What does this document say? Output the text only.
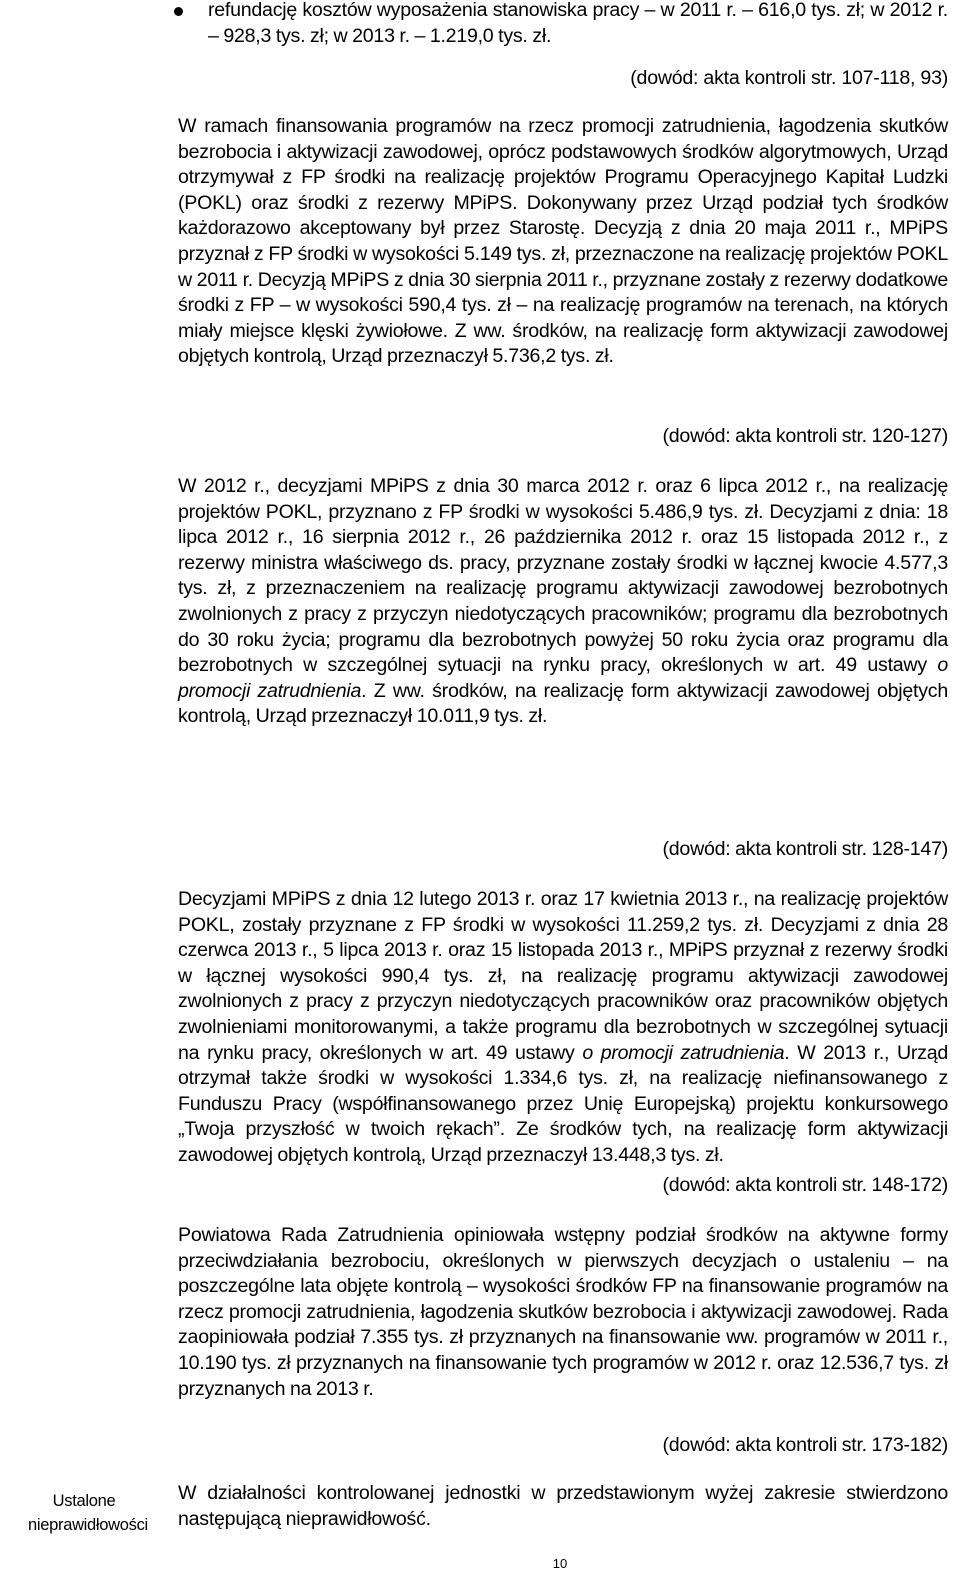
refundację kosztów wyposażenia stanowiska pracy – w 2011 r. – 616,0 tys. zł; w 2012 r. – 928,3 tys. zł; w 2013 r. – 1.219,0 tys. zł.
(dowód: akta kontroli str. 107-118, 93)
W ramach finansowania programów na rzecz promocji zatrudnienia, łagodzenia skutków bezrobocia i aktywizacji zawodowej, oprócz podstawowych środków algorytmowych, Urząd otrzymywał z FP środki na realizację projektów Programu Operacyjnego Kapitał Ludzki (POKL) oraz środki z rezerwy MPiPS. Dokonywany przez Urząd podział tych środków każdorazowo akceptowany był przez Starostę. Decyzją z dnia 20 maja 2011 r., MPiPS przyznał z FP środki w wysokości 5.149 tys. zł, przeznaczone na realizację projektów POKL w 2011 r. Decyzją MPiPS z dnia 30 sierpnia 2011 r., przyznane zostały z rezerwy dodatkowe środki z FP – w wysokości 590,4 tys. zł – na realizację programów na terenach, na których miały miejsce klęski żywiołowe. Z ww. środków, na realizację form aktywizacji zawodowej objętych kontrolą, Urząd przeznaczył 5.736,2 tys. zł.
(dowód: akta kontroli str. 120-127)
W 2012 r., decyzjami MPiPS z dnia 30 marca 2012 r. oraz 6 lipca 2012 r., na realizację projektów POKL, przyznano z FP środki w wysokości 5.486,9 tys. zł. Decyzjami z dnia: 18 lipca 2012 r., 16 sierpnia 2012 r., 26 października 2012 r. oraz 15 listopada 2012 r., z rezerwy ministra właściwego ds. pracy, przyznane zostały środki w łącznej kwocie 4.577,3 tys. zł, z przeznaczeniem na realizację programu aktywizacji zawodowej bezrobotnych zwolnionych z pracy z przyczyn niedotyczących pracowników; programu dla bezrobotnych do 30 roku życia; programu dla bezrobotnych powyżej 50 roku życia oraz programu dla bezrobotnych w szczególnej sytuacji na rynku pracy, określonych w art. 49 ustawy o promocji zatrudnienia. Z ww. środków, na realizację form aktywizacji zawodowej objętych kontrolą, Urząd przeznaczył 10.011,9 tys. zł.
(dowód: akta kontroli str. 128-147)
Decyzjami MPiPS z dnia 12 lutego 2013 r. oraz 17 kwietnia 2013 r., na realizację projektów POKL, zostały przyznane z FP środki w wysokości 11.259,2 tys. zł. Decyzjami z dnia 28 czerwca 2013 r., 5 lipca 2013 r. oraz 15 listopada 2013 r., MPiPS przyznał z rezerwy środki w łącznej wysokości 990,4 tys. zł, na realizację programu aktywizacji zawodowej zwolnionych z pracy z przyczyn niedotyczących pracowników oraz pracowników objętych zwolnieniami monitorowanymi, a także programu dla bezrobotnych w szczególnej sytuacji na rynku pracy, określonych w art. 49 ustawy o promocji zatrudnienia. W 2013 r., Urząd otrzymał także środki w wysokości 1.334,6 tys. zł, na realizację niefinansowanego z Funduszu Pracy (współfinansowanego przez Unię Europejską) projektu konkursowego „Twoja przyszłość w twoich rękach”. Ze środków tych, na realizację form aktywizacji zawodowej objętych kontrolą, Urząd przeznaczył 13.448,3 tys. zł.
(dowód: akta kontroli str. 148-172)
Powiatowa Rada Zatrudnienia opiniowała wstępny podział środków na aktywne formy przeciwdziałania bezrobociu, określonych w pierwszych decyzjach o ustaleniu – na poszczególne lata objęte kontrolą – wysokości środków FP na finansowanie programów na rzecz promocji zatrudnienia, łagodzenia skutków bezrobocia i aktywizacji zawodowej. Rada zaopiniowała podział 7.355 tys. zł przyznanych na finansowanie ww. programów w 2011 r., 10.190 tys. zł przyznanych na finansowanie tych programów w 2012 r. oraz 12.536,7 tys. zł przyznanych na 2013 r.
(dowód: akta kontroli str. 173-182)
W działalności kontrolowanej jednostki w przedstawionym wyżej zakresie stwierdzono następującą nieprawidłowość.
Ustalone
nieprawidłowości
10
